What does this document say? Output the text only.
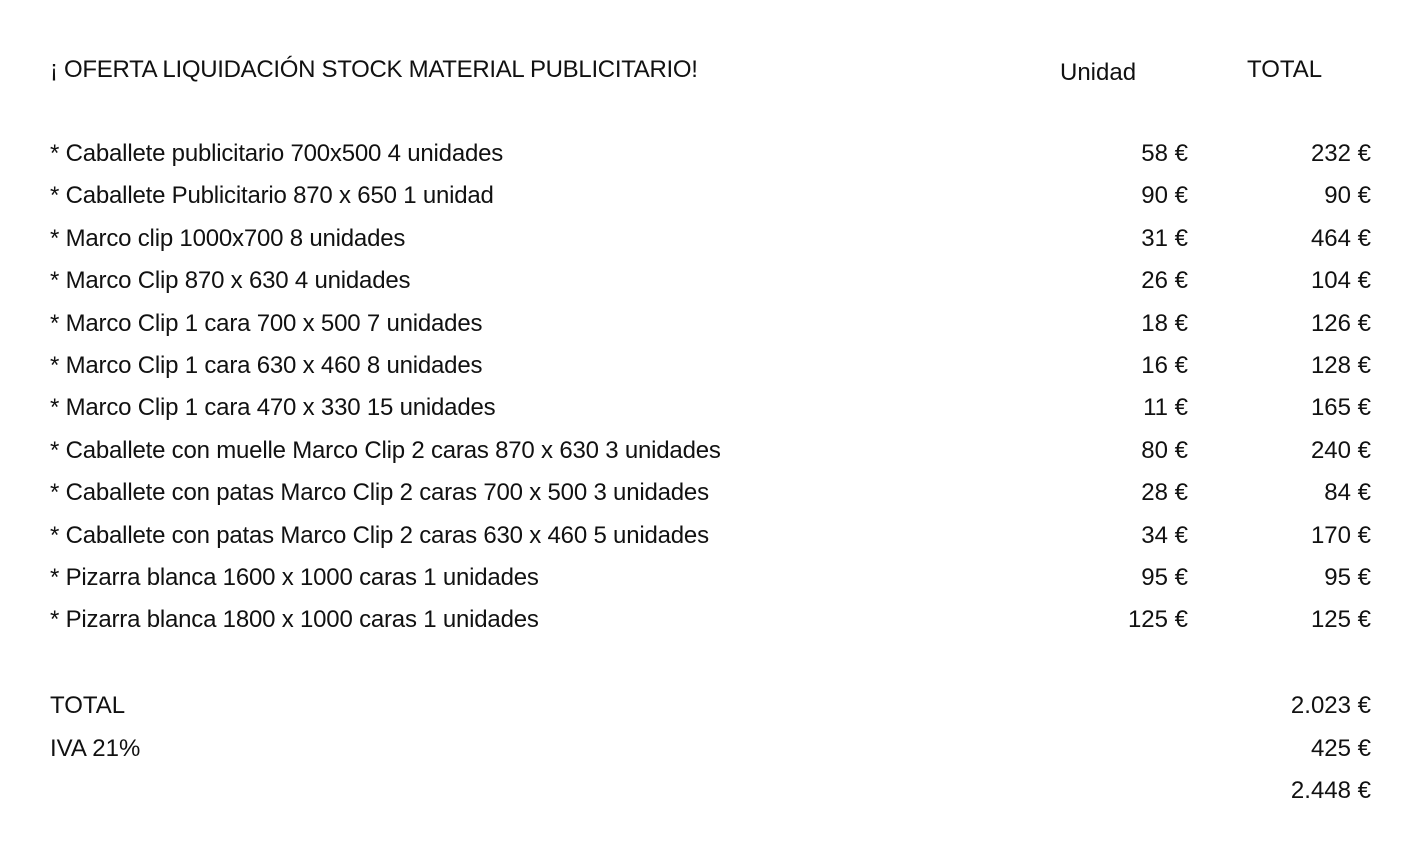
¡ OFERTA LIQUIDACIÓN STOCK MATERIAL PUBLICITARIO!	Unidad	TOTAL
* Caballete publicitario 700x500 4 unidades	58 €	232 €
* Caballete Publicitario 870 x 650 1 unidad	90 €	90 €
* Marco clip 1000x700 8 unidades	31 €	464 €
* Marco Clip 870 x 630 4 unidades	26 €	104 €
* Marco Clip 1 cara 700 x 500 7 unidades	18 €	126 €
* Marco Clip 1 cara 630 x 460 8 unidades	16 €	128 €
* Marco Clip 1 cara 470 x 330 15 unidades	11 €	165 €
* Caballete con muelle Marco Clip 2 caras 870 x 630 3 unidades	80 €	240 €
* Caballete con patas Marco Clip 2 caras 700 x 500 3 unidades	28 €	84 €
* Caballete con patas Marco Clip 2 caras 630 x 460 5 unidades	34 €	170 €
* Pizarra blanca 1600 x 1000 caras 1 unidades	95 €	95 €
* Pizarra blanca 1800 x 1000 caras 1 unidades	125 €	125 €
TOTAL	2.023 €
IVA 21%	425 €
2.448 €
